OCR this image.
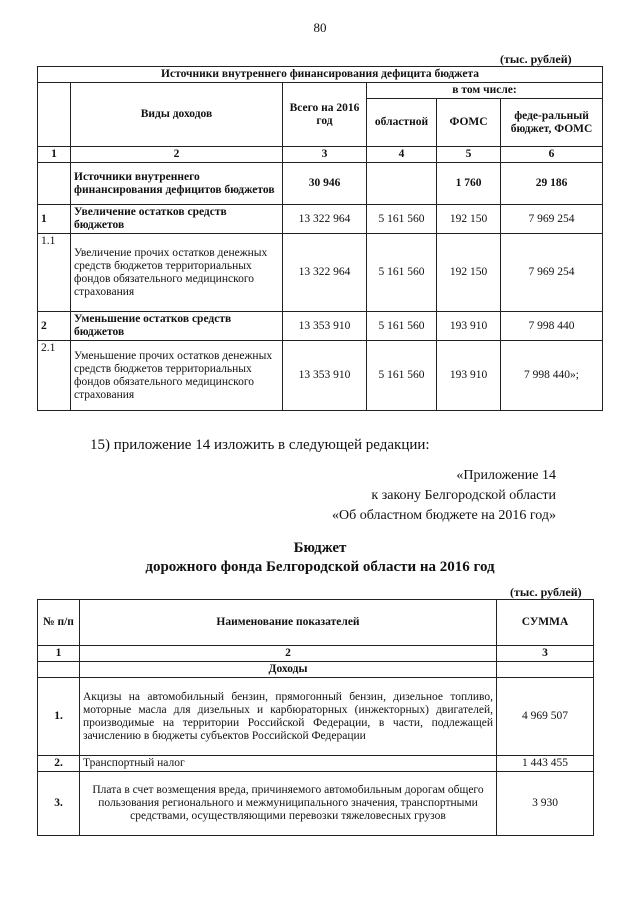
80
(тыс. рублей)
Источники внутреннего финансирования дефицита бюджета					
	Виды доходов	Всего на 2016 год	в том числе:		
			областной	ФОМС	феде-ральный бюджет, ФОМС
1	2	3	4	5	6
	Источники внутреннего финансирования дефицитов бюджетов	30 946		1 760	29 186
1	Увеличение остатков средств бюджетов	13 322 964	5 161 560	192 150	7 969 254
1.1	Увеличение прочих остатков денежных средств бюджетов территориальных фондов обязательного медицинского страхования	13 322 964	5 161 560	192 150	7 969 254
2	Уменьшение остатков средств бюджетов	13 353 910	5 161 560	193 910	7 998 440
2.1	Уменьшение прочих остатков денежных средств бюджетов территориальных фондов обязательного медицинского страхования	13 353 910	5 161 560	193 910	7 998 440»;
15) приложение 14 изложить в следующей редакции:
«Приложение 14
к закону Белгородской области
«Об областном бюджете на 2016 год»
Бюджет
дорожного фонда Белгородской области на 2016 год
(тыс. рублей)
№ п/п	Наименование показателей	СУММА
1	2	3
	Доходы	
1.	Акцизы на автомобильный бензин, прямогонный бензин, дизельное топливо, моторные масла для дизельных и карбюраторных (инжекторных) двигателей, производимые на территории Российской Федерации, в части, подлежащей зачислению в бюджеты субъектов Российской Федерации	4 969 507
2.	Транспортный налог	1 443 455
3.	Плата в счет возмещения вреда, причиняемого автомобильным дорогам общего пользования регионального и межмуниципального значения, транспортными средствами, осуществляющими перевозки тяжеловесных грузов	3 930
